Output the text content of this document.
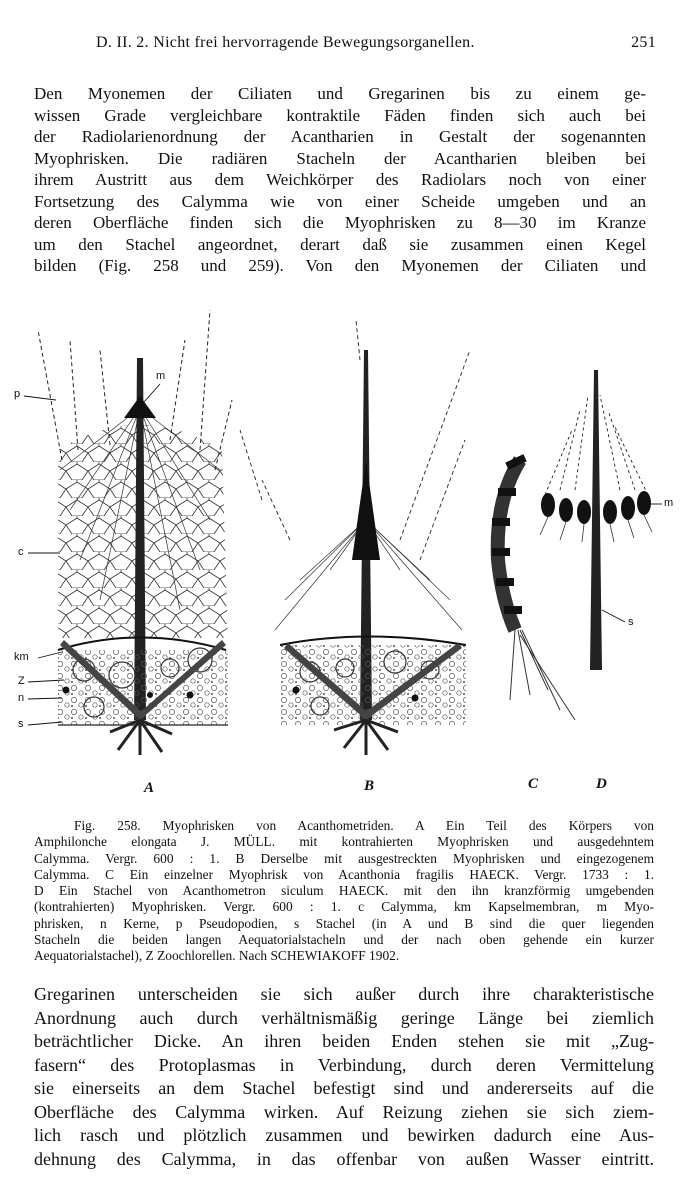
D. II. 2. Nicht frei hervorragende Bewegungsorganellen.	251
Den Myonemen der Ciliaten und Gregarinen bis zu einem ge-
wissen Grade vergleichbare kontraktile Fäden finden sich auch bei
der Radiolarienordnung der Acantharien in Gestalt der sogenannten
Myophrisken. Die radiären Stacheln der Acantharien bleiben bei
ihrem Austritt aus dem Weichkörper des Radiolars noch von einer
Fortsetzung des Calymma wie von einer Scheide umgeben und an
deren Oberfläche finden sich die Myophrisken zu 8—30 im Kranze
um den Stachel angeordnet, derart daß sie zusammen einen Kegel
bilden (Fig. 258 und 259). Von den Myonemen der Ciliaten und
p
m
c
km
Z
n
s
m
s
A	B	C	D
Fig. 258. Myophrisken von Acanthometriden. A Ein Teil des Körpers von
Amphilonche elongata J. MÜLL. mit kontrahierten Myophrisken und ausgedehntem
Calymma. Vergr. 600 : 1. B Derselbe mit ausgestreckten Myophrisken und eingezogenem
Calymma. C Ein einzelner Myophrisk von Acanthonia fragilis HAECK. Vergr. 1733 : 1.
D Ein Stachel von Acanthometron siculum HAECK. mit den ihn kranzförmig umgebenden
(kontrahierten) Myophrisken. Vergr. 600 : 1. c Calymma, km Kapselmembran, m Myo-
phrisken, n Kerne, p Pseudopodien, s Stachel (in A und B sind die quer liegenden
Stacheln die beiden langen Aequatorialstacheln und der nach oben gehende ein kurzer
Aequatorialstachel), Z Zoochlorellen. Nach SCHEWIAKOFF 1902.
Gregarinen unterscheiden sie sich außer durch ihre charakteristische
Anordnung auch durch verhältnismäßig geringe Länge bei ziemlich
beträchtlicher Dicke. An ihren beiden Enden stehen sie mit „Zug-
fasern“ des Protoplasmas in Verbindung, durch deren Vermittelung
sie einerseits an dem Stachel befestigt sind und andererseits auf die
Oberfläche des Calymma wirken. Auf Reizung ziehen sie sich ziem-
lich rasch und plötzlich zusammen und bewirken dadurch eine Aus-
dehnung des Calymma, in das offenbar von außen Wasser eintritt.
